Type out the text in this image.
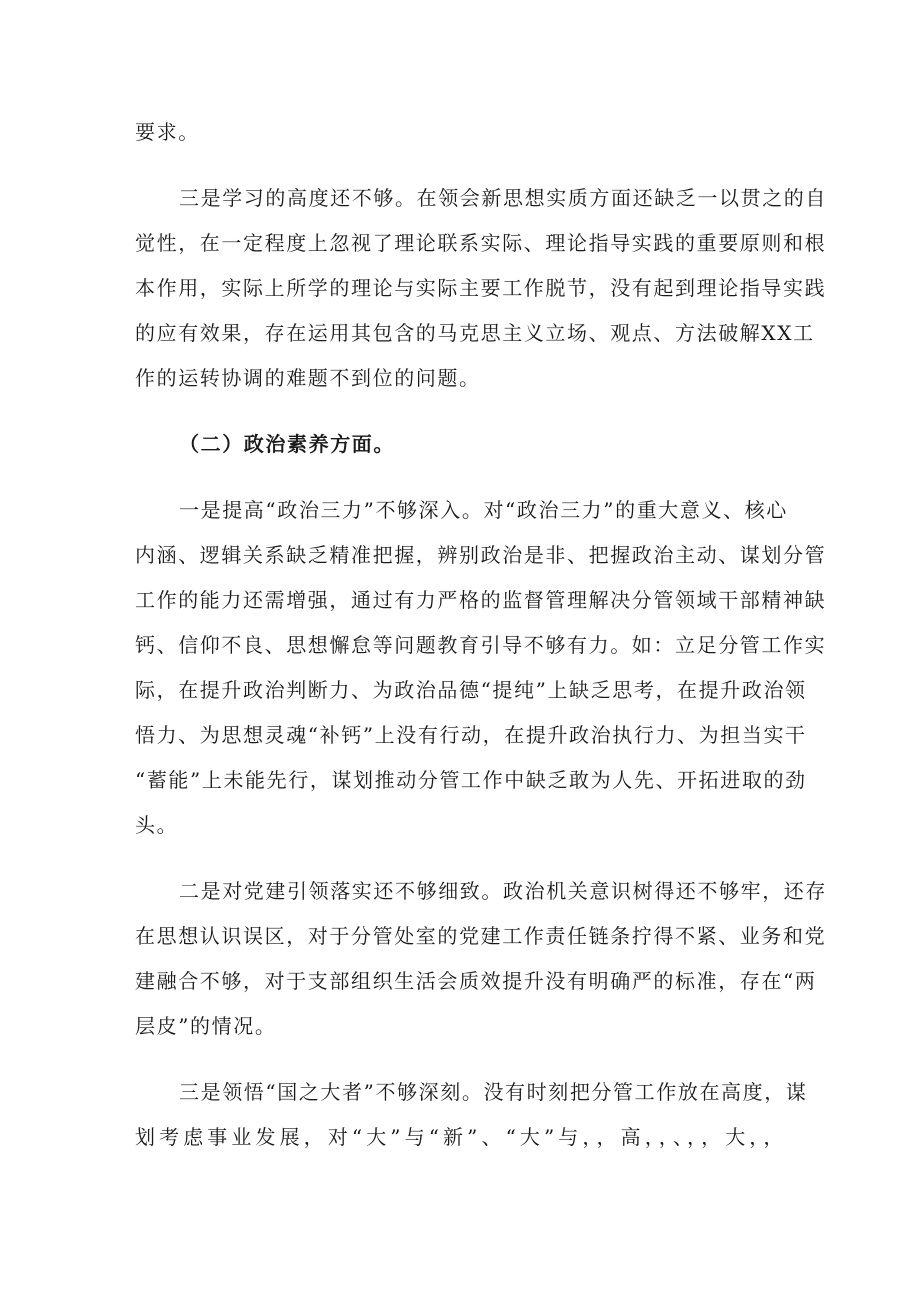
要求。
三是学习的高度还不够。在领会新思想实质方面还缺乏一以贯之的自
觉性，在一定程度上忽视了理论联系实际、理论指导实践的重要原则和根
本作用，实际上所学的理论与实际主要工作脱节，没有起到理论指导实践
的应有效果，存在运用其包含的马克思主义立场、观点、方法破解XX工
作的运转协调的难题不到位的问题。
（二）政治素养方面。
一是提高“政治三力”不够深入。对“政治三力”的重大意义、核心
内涵、逻辑关系缺乏精准把握，辨别政治是非、把握政治主动、谋划分管
工作的能力还需增强，通过有力严格的监督管理解决分管领域干部精神缺
钙、信仰不良、思想懈怠等问题教育引导不够有力。如：立足分管工作实
际，在提升政治判断力、为政治品德“提纯”上缺乏思考，在提升政治领
悟力、为思想灵魂“补钙”上没有行动，在提升政治执行力、为担当实干
“蓄能”上未能先行，谋划推动分管工作中缺乏敢为人先、开拓进取的劲
头。
二是对党建引领落实还不够细致。政治机关意识树得还不够牢，还存
在思想认识误区，对于分管处室的党建工作责任链条拧得不紧、业务和党
建融合不够，对于支部组织生活会质效提升没有明确严的标准，存在“两
层皮”的情况。
三是领悟“国之大者”不够深刻。没有时刻把分管工作放在高度，谋
划考虑事业发展，对“大”与“新”、“大”与，，高，，、，，大，，
